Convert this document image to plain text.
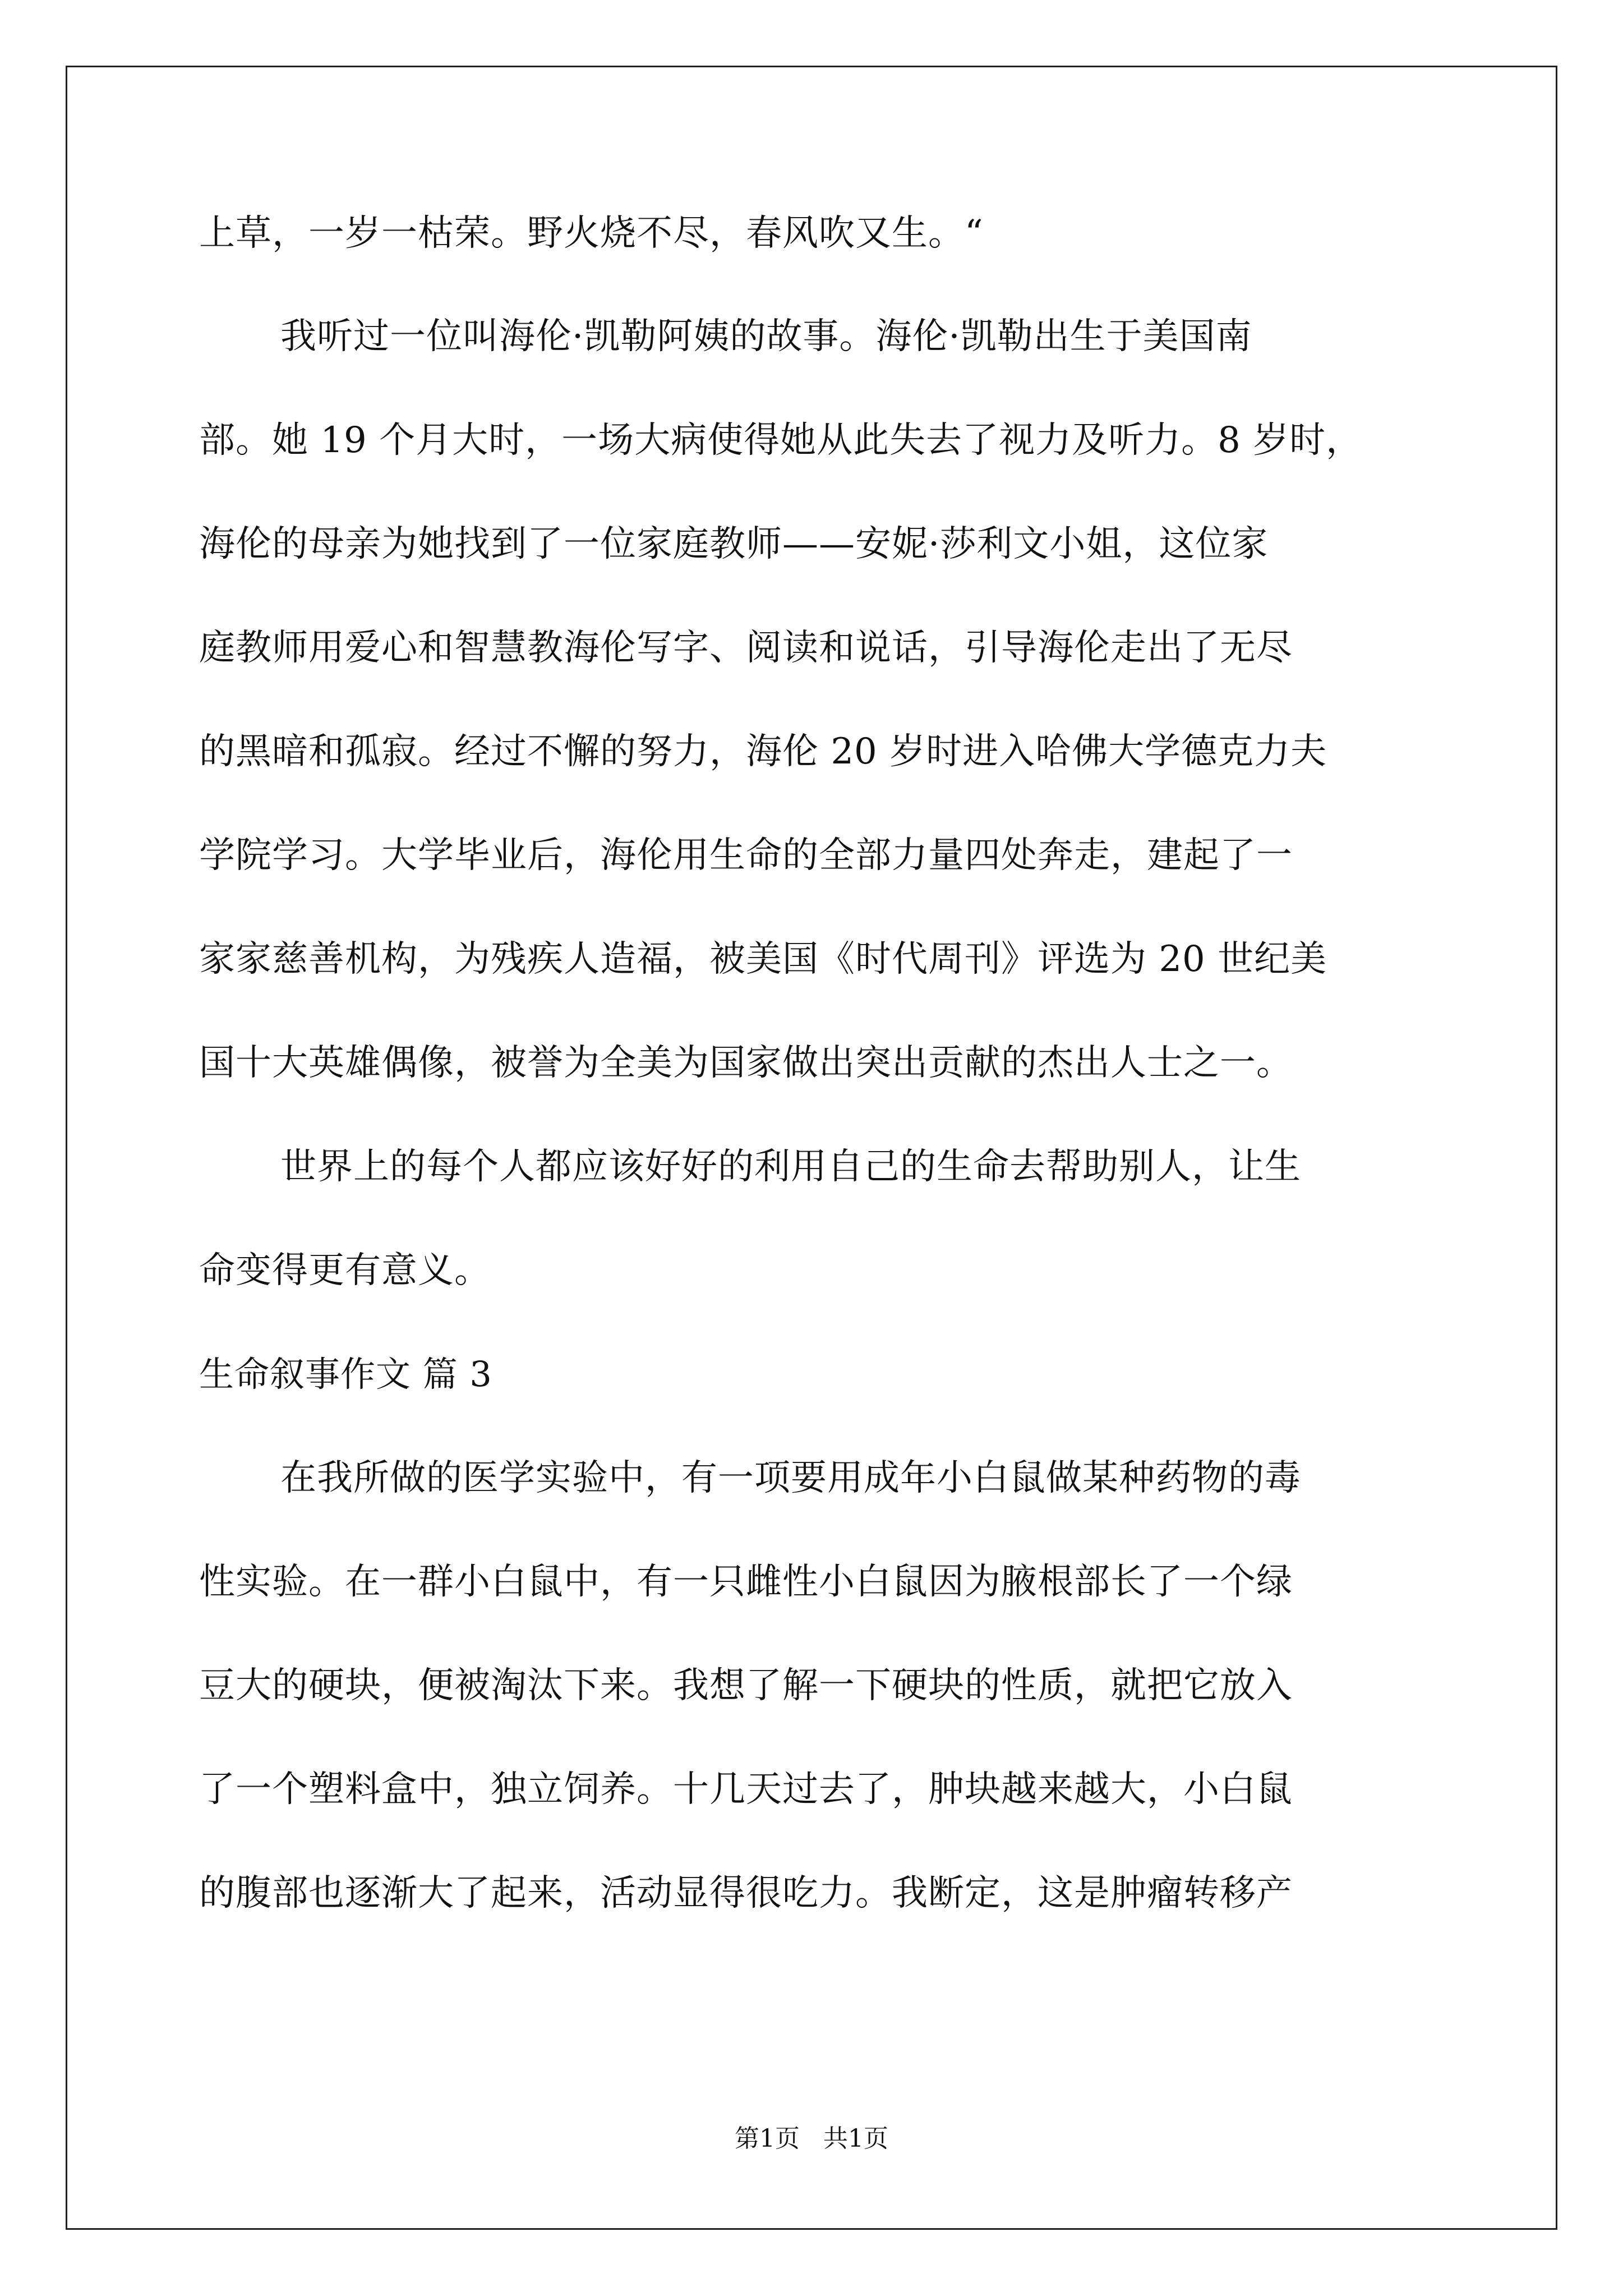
上草，一岁一枯荣。野火烧不尽，春风吹又生。“

我听过一位叫海伦·凯勒阿姨的故事。海伦·凯勒出生于美国南

部。她 19 个月大时，一场大病使得她从此失去了视力及听力。8 岁时，

海伦的母亲为她找到了一位家庭教师——安妮·莎利文小姐，这位家

庭教师用爱心和智慧教海伦写字、阅读和说话，引导海伦走出了无尽

的黑暗和孤寂。经过不懈的努力，海伦 20 岁时进入哈佛大学德克力夫

学院学习。大学毕业后，海伦用生命的全部力量四处奔走，建起了一

家家慈善机构，为残疾人造福，被美国《时代周刊》评选为 20 世纪美

国十大英雄偶像，被誉为全美为国家做出突出贡献的杰出人士之一。

世界上的每个人都应该好好的利用自己的生命去帮助别人，让生

命变得更有意义。

生命叙事作文 篇 3

在我所做的医学实验中，有一项要用成年小白鼠做某种药物的毒

性实验。在一群小白鼠中，有一只雌性小白鼠因为腋根部长了一个绿

豆大的硬块，便被淘汰下来。我想了解一下硬块的性质，就把它放入

了一个塑料盒中，独立饲养。十几天过去了，肿块越来越大，小白鼠

的腹部也逐渐大了起来，活动显得很吃力。我断定，这是肿瘤转移产

第1页   共1页
